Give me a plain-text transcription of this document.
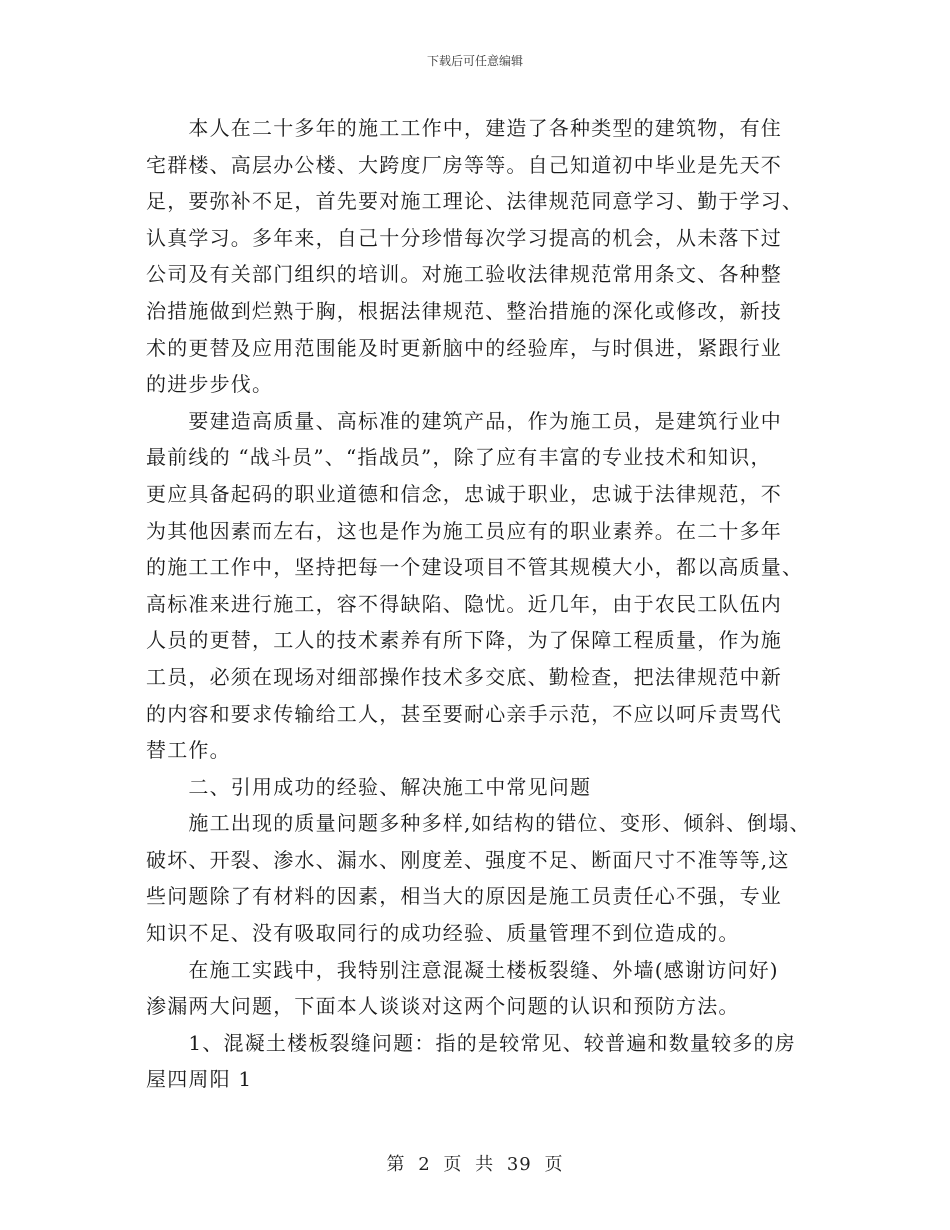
下载后可任意编辑
　　本人在二十多年的施工工作中，建造了各种类型的建筑物，有住
宅群楼、高层办公楼、大跨度厂房等等。自己知道初中毕业是先天不
足，要弥补不足，首先要对施工理论、法律规范同意学习、勤于学习、
认真学习。多年来，自己十分珍惜每次学习提高的机会，从未落下过
公司及有关部门组织的培训。对施工验收法律规范常用条文、各种整
治措施做到烂熟于胸，根据法律规范、整治措施的深化或修改，新技
术的更替及应用范围能及时更新脑中的经验库，与时俱进，紧跟行业
的进步步伐。
　　要建造高质量、高标准的建筑产品，作为施工员，是建筑行业中
最前线的 “战斗员”、“指战员”，除了应有丰富的专业技术和知识，
更应具备起码的职业道德和信念，忠诚于职业，忠诚于法律规范，不
为其他因素而左右，这也是作为施工员应有的职业素养。在二十多年
的施工工作中，坚持把每一个建设项目不管其规模大小，都以高质量、
高标准来进行施工，容不得缺陷、隐忧。近几年，由于农民工队伍内
人员的更替，工人的技术素养有所下降，为了保障工程质量，作为施
工员，必须在现场对细部操作技术多交底、勤检查，把法律规范中新
的内容和要求传输给工人，甚至要耐心亲手示范，不应以呵斥责骂代
替工作。
　　二、引用成功的经验、解决施工中常见问题
　　施工出现的质量问题多种多样,如结构的错位、变形、倾斜、倒塌、
破坏、开裂、渗水、漏水、刚度差、强度不足、断面尺寸不准等等,这
些问题除了有材料的因素，相当大的原因是施工员责任心不强，专业
知识不足、没有吸取同行的成功经验、质量管理不到位造成的。
　　在施工实践中，我特别注意混凝土楼板裂缝、外墙(感谢访问好)
渗漏两大问题，下面本人谈谈对这两个问题的认识和预防方法。
　　1、混凝土楼板裂缝问题：指的是较常见、较普遍和数量较多的房
屋四周阳 1
第 2 页 共 39 页
